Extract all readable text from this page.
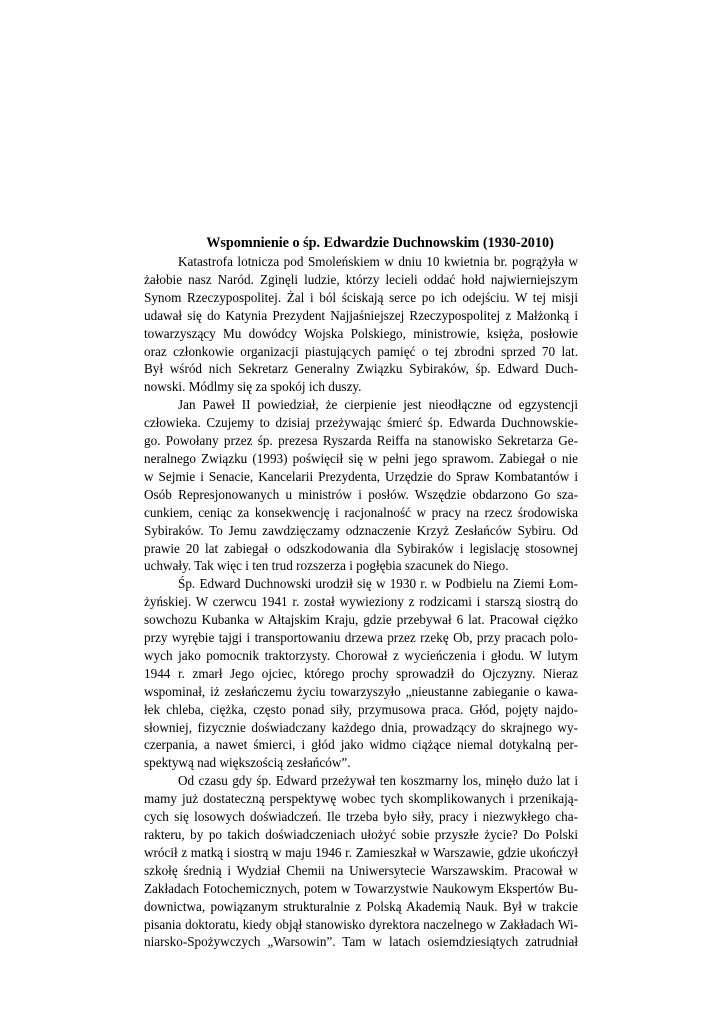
Wspomnienie o śp. Edwardzie Duchnowskim (1930-2010)
Katastrofa lotnicza pod Smoleńskiem w dniu 10 kwietnia br. pogrążyła w
żałobie nasz Naród. Zginęli ludzie, którzy lecieli oddać hołd najwierniejszym
Synom Rzeczypospolitej. Żal i ból ściskają serce po ich odejściu. W tej misji
udawał się do Katynia Prezydent Najjaśniejszej Rzeczypospolitej z Małżonką i
towarzyszący Mu dowódcy Wojska Polskiego, ministrowie, księża, posłowie
oraz członkowie organizacji piastujących pamięć o tej zbrodni sprzed 70 lat.
Był wśród nich Sekretarz Generalny Związku Sybiraków, śp. Edward Duch-
nowski. Módlmy się za spokój ich duszy.
Jan Paweł II powiedział, że cierpienie jest nieodłączne od egzystencji
człowieka. Czujemy to dzisiaj przeżywając śmierć śp. Edwarda Duchnowskie-
go. Powołany przez śp. prezesa Ryszarda Reiffa na stanowisko Sekretarza Ge-
neralnego Związku (1993) poświęcił się w pełni jego sprawom. Zabiegał o nie
w Sejmie i Senacie, Kancelarii Prezydenta, Urzędzie do Spraw Kombatantów i
Osób Represjonowanych u ministrów i posłów. Wszędzie obdarzono Go sza-
cunkiem, ceniąc za konsekwencję i racjonalność w pracy na rzecz środowiska
Sybiraków. To Jemu zawdzięczamy odznaczenie Krzyż Zesłańców Sybiru. Od
prawie 20 lat zabiegał o odszkodowania dla Sybiraków i legislację stosownej
uchwały. Tak więc i ten trud rozszerza i pogłębia szacunek do Niego.
Śp. Edward Duchnowski urodził się w 1930 r. w Podbielu na Ziemi Łom-
żyńskiej. W czerwcu 1941 r. został wywieziony z rodzicami i starszą siostrą do
sowchozu Kubanka w Ałtajskim Kraju, gdzie przebywał 6 lat. Pracował ciężko
przy wyrębie tajgi i transportowaniu drzewa przez rzekę Ob, przy pracach polo-
wych jako pomocnik traktorzysty. Chorował z wycieńczenia i głodu. W lutym
1944 r. zmarł Jego ojciec, którego prochy sprowadził do Ojczyzny. Nieraz
wspominał, iż zesłańczemu życiu towarzyszyło „nieustanne zabieganie o kawa-
łek chleba, ciężka, często ponad siły, przymusowa praca. Głód, pojęty najdo-
słowniej, fizycznie doświadczany każdego dnia, prowadzący do skrajnego wy-
czerpania, a nawet śmierci, i głód jako widmo ciążące niemal dotykalną per-
spektywą nad większością zesłańców”.
Od czasu gdy śp. Edward przeżywał ten koszmarny los, minęło dużo lat i
mamy już dostateczną perspektywę wobec tych skomplikowanych i przenikają-
cych się losowych doświadczeń. Ile trzeba było siły, pracy i niezwykłego cha-
rakteru, by po takich doświadczeniach ułożyć sobie przyszłe życie? Do Polski
wrócił z matką i siostrą w maju 1946 r. Zamieszkał w Warszawie, gdzie ukończył
szkołę średnią i Wydział Chemii na Uniwersytecie Warszawskim. Pracował w
Zakładach Fotochemicznych, potem w Towarzystwie Naukowym Ekspertów Bu-
downictwa, powiązanym strukturalnie z Polską Akademią Nauk. Był w trakcie
pisania doktoratu, kiedy objął stanowisko dyrektora naczelnego w Zakładach Wi-
niarsko-Spożywczych „Warsowin”. Tam w latach osiemdziesiątych zatrudniał
